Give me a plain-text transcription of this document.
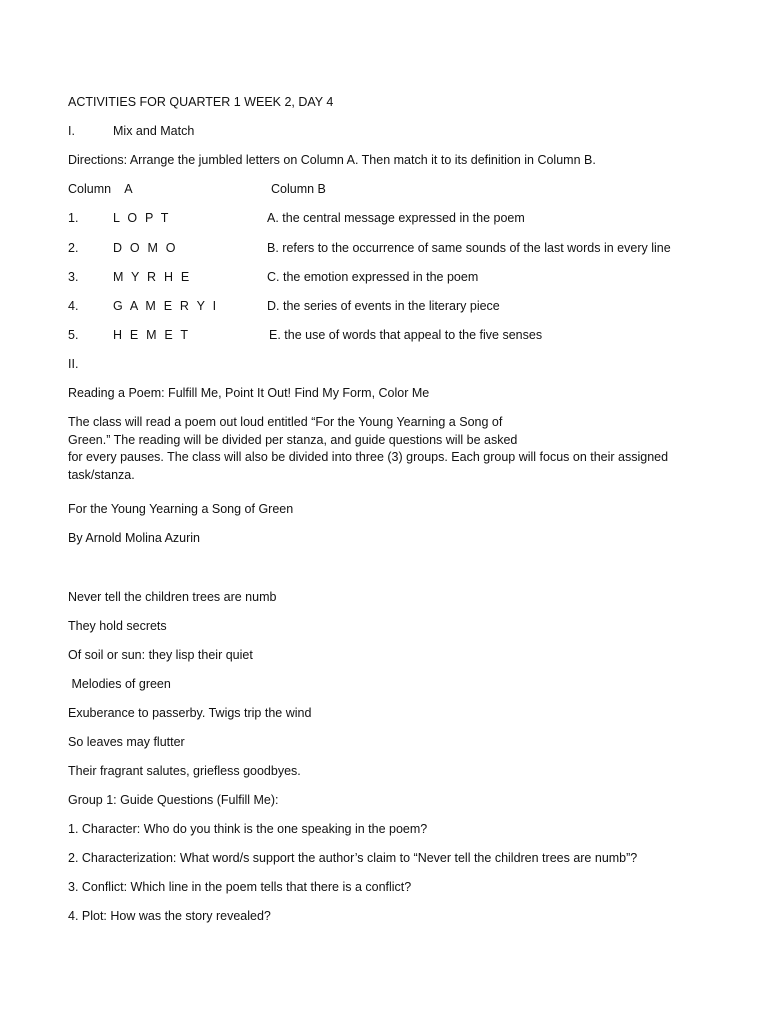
ACTIVITIES FOR QUARTER 1 WEEK 2, DAY 4
I.	Mix and Match
Directions: Arrange the jumbled letters on Column A. Then match it to its definition in Column B.
Column    A	Column B
1.	L O P T	A. the central message expressed in the poem
2.	D O M O	B. refers to the occurrence of same sounds of the last words in every line
3.	M Y R H E	C. the emotion expressed in the poem
4.	G A M E R Y I	D. the series of events in the literary piece
5.	H E M E T	E. the use of words that appeal to the five senses
II.
Reading a Poem: Fulfill Me, Point It Out! Find My Form, Color Me
The class will read a poem out loud entitled “For the Young Yearning a Song of
Green.” The reading will be divided per stanza, and guide questions will be asked
for every pauses. The class will also be divided into three (3) groups. Each group will focus on their assigned
task/stanza.
For the Young Yearning a Song of Green
By Arnold Molina Azurin
Never tell the children trees are numb
They hold secrets
Of soil or sun: they lisp their quiet
Melodies of green
Exuberance to passerby. Twigs trip the wind
So leaves may flutter
Their fragrant salutes, griefless goodbyes.
Group 1: Guide Questions (Fulfill Me):
1. Character: Who do you think is the one speaking in the poem?
2. Characterization: What word/s support the author’s claim to “Never tell the children trees are numb”?
3. Conflict: Which line in the poem tells that there is a conflict?
4. Plot: How was the story revealed?
